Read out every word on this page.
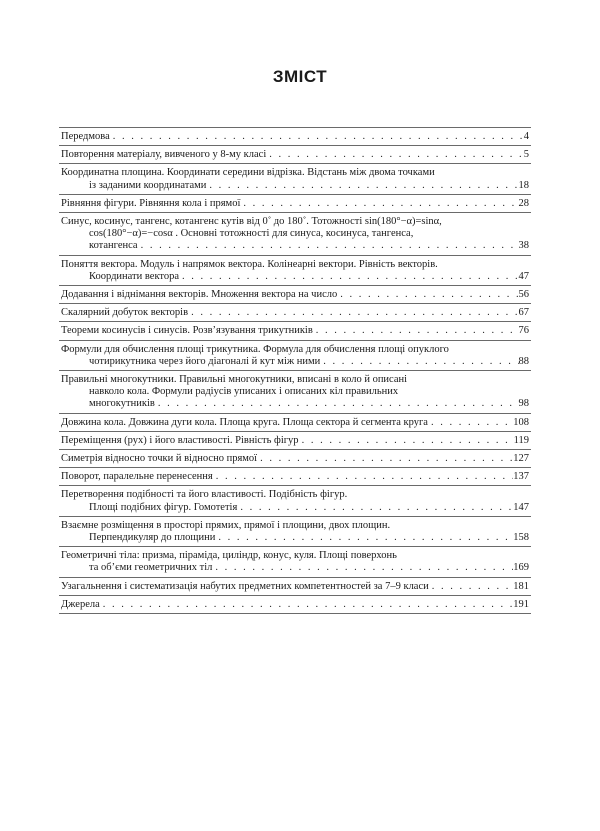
ЗМІСТ
Передмова . . .	4
Повторення матеріалу, вивченого у 8-му класі . . .	5
Координатна площина. Координати середини відрізка. Відстань між двома точками
із заданими координатами . . .	18
Рівняння фігури. Рівняння кола і прямої . . .	28
Синус, косинус, тангенс, котангенс кутів від 0˚ до 180˚. Тотожності sin(180°−α)=sinα,
cos(180°−α)=−cosα . Основні тотожності для синуса, косинуса, тангенса,
котангенса . . .	38
Поняття вектора. Модуль і напрямок вектора. Колінеарні вектори. Рівність векторів.
Координати вектора . . .	47
Додавання і віднімання векторів. Множення вектора на число . . .	56
Скалярний добуток векторів . . .	67
Теореми косинусів і синусів. Розв’язування трикутників . . .	76
Формули для обчислення площі трикутника. Формула для обчислення площі опуклого
чотирикутника через його діагоналі й кут між ними . . .	88
Правильні многокутники. Правильні многокутники, вписані в коло й описані
навколо кола. Формули радіусів уписаних і описаних кіл правильних
многокутників . . .	98
Довжина кола. Довжина дуги кола. Площа круга. Площа сектора й сегмента круга . . .	108
Переміщення (рух) і його властивості. Рівність фігур . . .	119
Симетрія відносно точки й відносно прямої . . .	127
Поворот, паралельне перенесення . . .	137
Перетворення подібності та його властивості. Подібність фігур.
Площі подібних фігур. Гомотетія . . .	147
Взаємне розміщення в просторі прямих, прямої і площини, двох площин.
Перпендикуляр до площини . . .	158
Геометричні тіла: призма, піраміда, циліндр, конус, куля. Площі поверхонь
та об’єми геометричних тіл . . .	169
Узагальнення і систематизація набутих предметних компетентностей за 7–9 класи . . .	181
Джерела . . .	191
